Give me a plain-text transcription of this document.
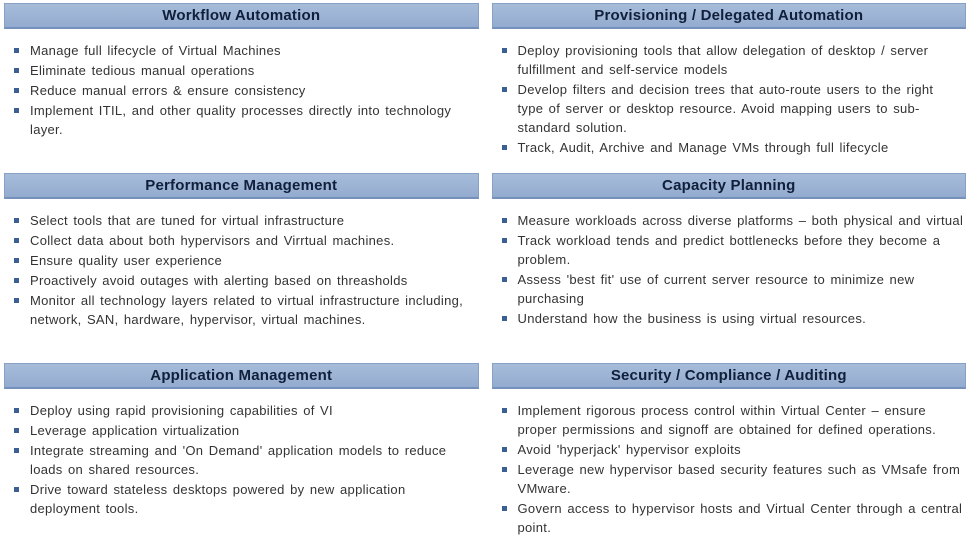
Workflow Automation
Manage full lifecycle of Virtual Machines
Eliminate tedious manual operations
Reduce manual errors & ensure consistency
Implement ITIL, and other quality processes directly into technology layer.
Provisioning / Delegated Automation
Deploy provisioning tools that allow delegation of desktop / server fulfillment and self-service models
Develop filters and decision trees that auto-route users to the right type of server or desktop resource. Avoid mapping users to sub-standard solution.
Track, Audit, Archive and Manage VMs through full lifecycle
Performance Management
Select tools that are tuned for virtual infrastructure
Collect data about both hypervisors and Virrtual machines.
Ensure quality user experience
Proactively avoid outages with alerting based on threasholds
Monitor all technology layers related to virtual infrastructure including, network, SAN, hardware, hypervisor, virtual machines.
Capacity Planning
Measure workloads across diverse platforms – both physical and virtual
Track workload tends and predict bottlenecks before they become a problem.
Assess 'best fit' use of current server resource to minimize new purchasing
Understand how the business is using virtual resources.
Application Management
Deploy using rapid provisioning capabilities of VI
Leverage application virtualization
Integrate streaming and 'On Demand' application models to reduce loads on shared resources.
Drive toward stateless desktops powered by new application deployment tools.
Security / Compliance / Auditing
Implement rigorous process control within Virtual Center – ensure proper permissions and signoff are obtained for defined operations.
Avoid 'hyperjack' hypervisor exploits
Leverage new hypervisor based security features such as VMsafe from VMware.
Govern access to hypervisor hosts and Virtual Center through a central point.
